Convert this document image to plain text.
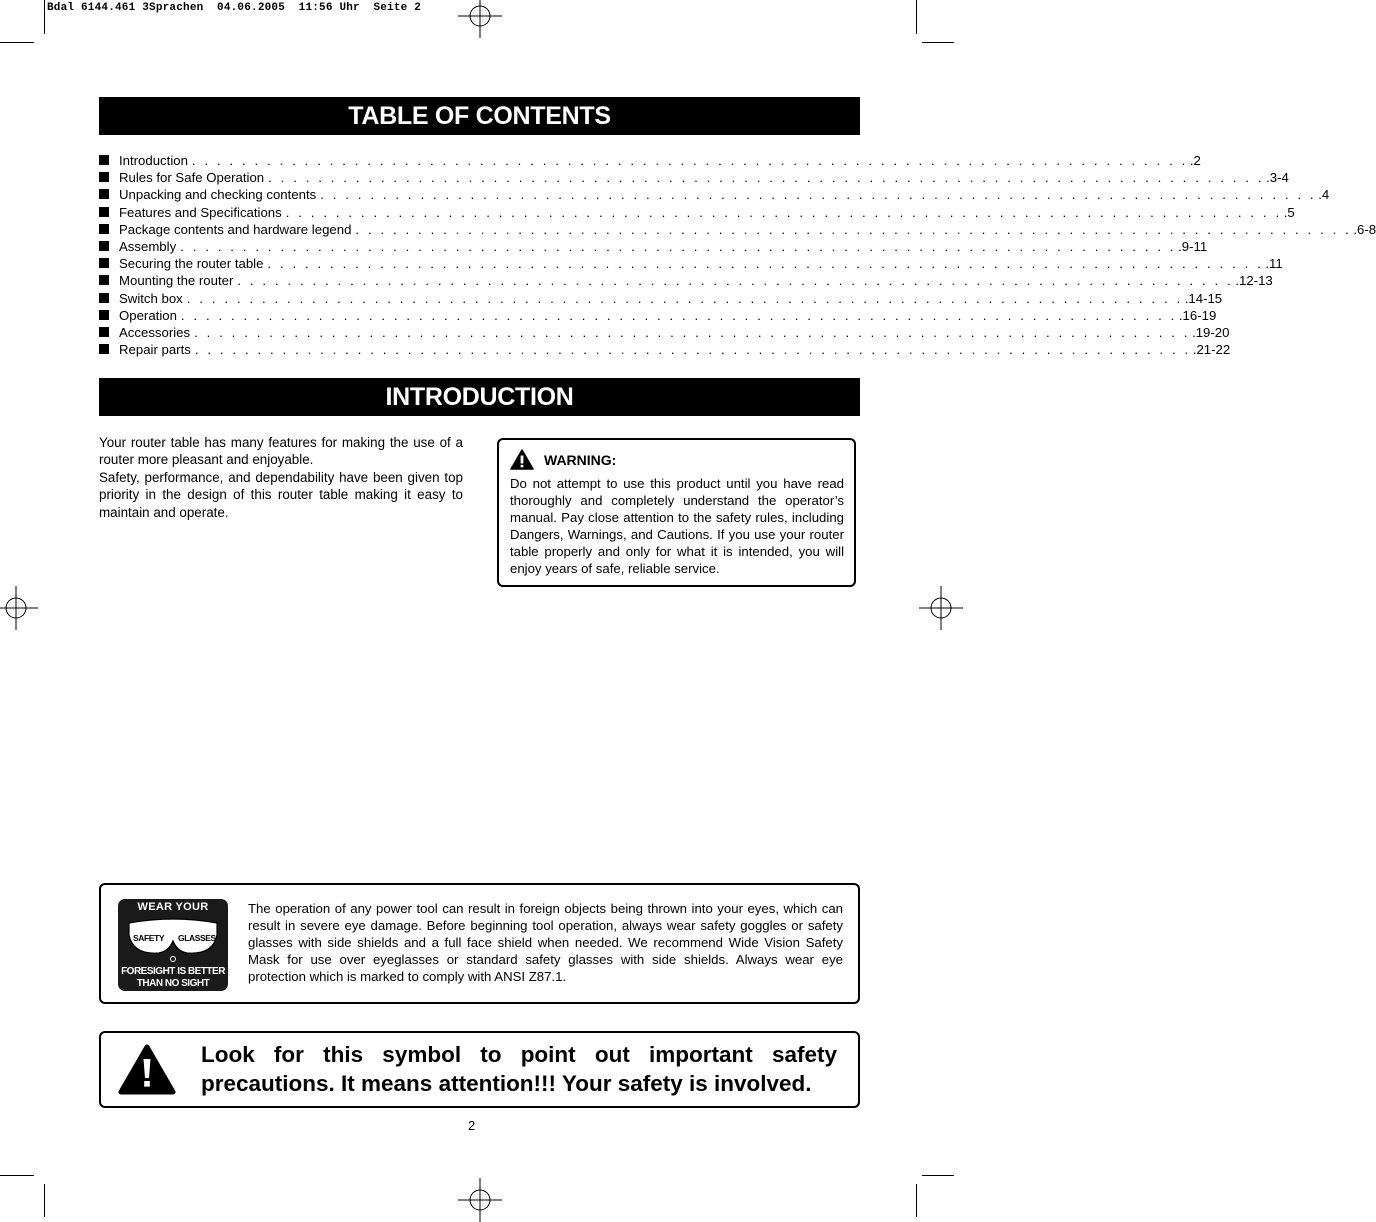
Bdal 6144.461 3Sprachen  04.06.2005  11:56 Uhr  Seite 2
TABLE OF CONTENTS
Introduction . . . . . . . . . . . . . . . . . . . . . . . . . . . . . . . . . . . . . . . . . . . . . . . . . . . . . . . . . . . . . . . . . . . . . . . . . . . . . . . . .2
Rules for Safe Operation . . . . . . . . . . . . . . . . . . . . . . . . . . . . . . . . . . . . . . . . . . . . . . . . . . . . . . . . . . . . . . . . . . . . . . . . . . . . . . . . .3-4
Unpacking and checking contents . . . . . . . . . . . . . . . . . . . . . . . . . . . . . . . . . . . . . . . . . . . . . . . . . . . . . . . . . . . . . . . . . . . . . . . . . . . . . . . . .4
Features and Specifications . . . . . . . . . . . . . . . . . . . . . . . . . . . . . . . . . . . . . . . . . . . . . . . . . . . . . . . . . . . . . . . . . . . . . . . . . . . . . . . . .5
Package contents and hardware legend . . . . . . . . . . . . . . . . . . . . . . . . . . . . . . . . . . . . . . . . . . . . . . . . . . . . . . . . . . . . . . . . . . . . . . . . . . . . . . . . .6-8
Assembly . . . . . . . . . . . . . . . . . . . . . . . . . . . . . . . . . . . . . . . . . . . . . . . . . . . . . . . . . . . . . . . . . . . . . . . . . . . . . . . . .9-11
Securing the router table . . . . . . . . . . . . . . . . . . . . . . . . . . . . . . . . . . . . . . . . . . . . . . . . . . . . . . . . . . . . . . . . . . . . . . . . . . . . . . . . .11
Mounting the router . . . . . . . . . . . . . . . . . . . . . . . . . . . . . . . . . . . . . . . . . . . . . . . . . . . . . . . . . . . . . . . . . . . . . . . . . . . . . . . . .12-13
Switch box . . . . . . . . . . . . . . . . . . . . . . . . . . . . . . . . . . . . . . . . . . . . . . . . . . . . . . . . . . . . . . . . . . . . . . . . . . . . . . . . .14-15
Operation . . . . . . . . . . . . . . . . . . . . . . . . . . . . . . . . . . . . . . . . . . . . . . . . . . . . . . . . . . . . . . . . . . . . . . . . . . . . . . . . .16-19
Accessories . . . . . . . . . . . . . . . . . . . . . . . . . . . . . . . . . . . . . . . . . . . . . . . . . . . . . . . . . . . . . . . . . . . . . . . . . . . . . . . . .19-20
Repair parts . . . . . . . . . . . . . . . . . . . . . . . . . . . . . . . . . . . . . . . . . . . . . . . . . . . . . . . . . . . . . . . . . . . . . . . . . . . . . . . . .21-22
INTRODUCTION

Your router table has many features for making the use of a router more pleasant and enjoyable.

Safety, performance, and dependability have been given top priority in the design of this router table making it easy to maintain and operate.

WARNING:

Do not attempt to use this product until you have read thoroughly and completely understand the operator’s manual. Pay close attention to the safety rules, including Dangers, Warnings, and Cautions. If you use your router table properly and only for what it is intended, you will enjoy years of safe, reliable service.

WEAR YOUR
SAFETY GLASSES
FORESIGHT IS BETTER
THAN NO SIGHT

The operation of any power tool can result in foreign objects being thrown into your eyes, which can result in severe eye damage. Before beginning tool operation, always wear safety goggles or safety glasses with side shields and a full face shield when needed. We recommend Wide Vision Safety Mask for use over eyeglasses or standard safety glasses with side shields. Always wear eye protection which is marked to comply with ANSI Z87.1.

Look for this symbol to point out important safety precautions. It means attention!!! Your safety is involved.

2
